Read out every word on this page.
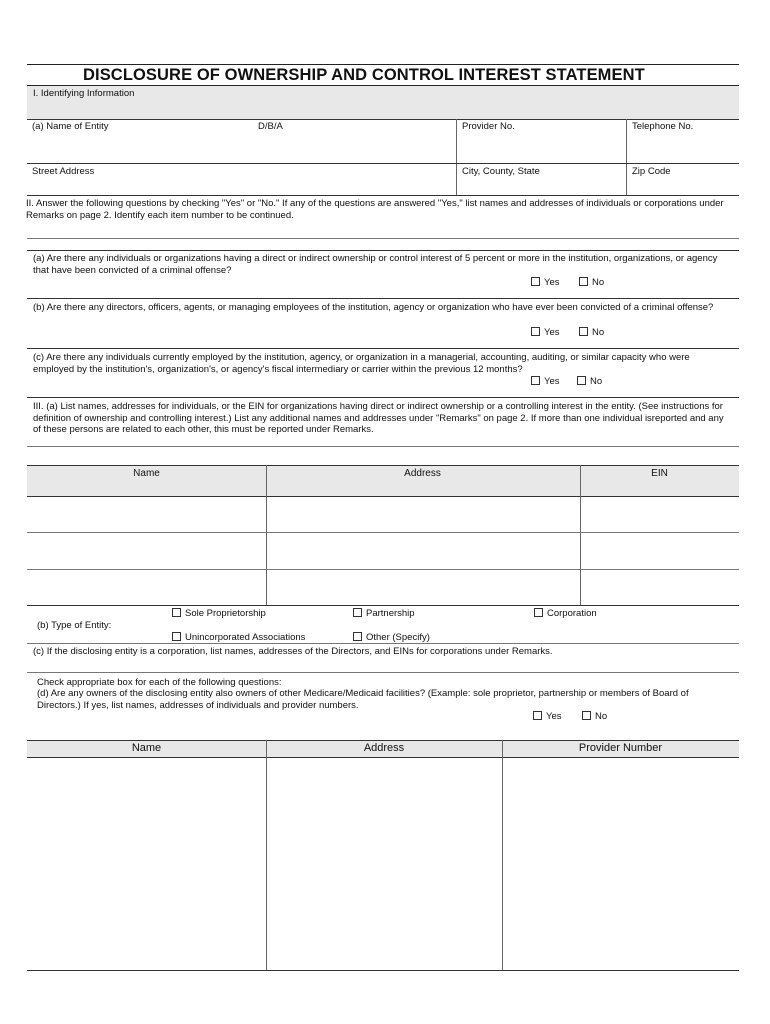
DISCLOSURE OF OWNERSHIP AND CONTROL INTEREST STATEMENT
I. Identifying Information
(a) Name of Entity	D/B/A	Provider No.	Telephone No.
Street Address	City, County, State	Zip Code
II. Answer the following questions by checking "Yes" or "No." If any of the questions are answered "Yes," list names and addresses of individuals or corporations under Remarks on page 2. Identify each item number to be continued.
(a) Are there any individuals or organizations having a direct or indirect ownership or control interest of 5 percent or more in the institution, organizations, or agency that have been convicted of a criminal offense?
Yes	No
(b) Are there any directors, officers, agents, or managing employees of the institution, agency or organization who have ever been convicted of a criminal offense?
Yes	No
(c) Are there any individuals currently employed by the institution, agency, or organization in a managerial, accounting, auditing, or similar capacity who were employed by the institution's, organization's, or agency's fiscal intermediary or carrier within the previous 12 months?
Yes	No
III. (a) List names, addresses for individuals, or the EIN for organizations having direct or indirect ownership or a controlling interest in the entity. (See instructions for definition of ownership and controlling interest.) List any additional names and addresses under "Remarks" on page 2. If more than one individual isreported and any of these persons are related to each other, this must be reported under Remarks.
Name	Address	EIN
Sole Proprietorship	Partnership	Corporation
(b) Type of Entity:
Unincorporated Associations	Other (Specify)
(c) If the disclosing entity is a corporation, list names, addresses of the Directors, and EINs for corporations under Remarks.
Check appropriate box for each of the following questions:
(d) Are any owners of the disclosing entity also owners of other Medicare/Medicaid facilities? (Example: sole proprietor, partnership or members of Board of Directors.) If yes, list names, addresses of individuals and provider numbers.
Yes	No
Name	Address	Provider Number
